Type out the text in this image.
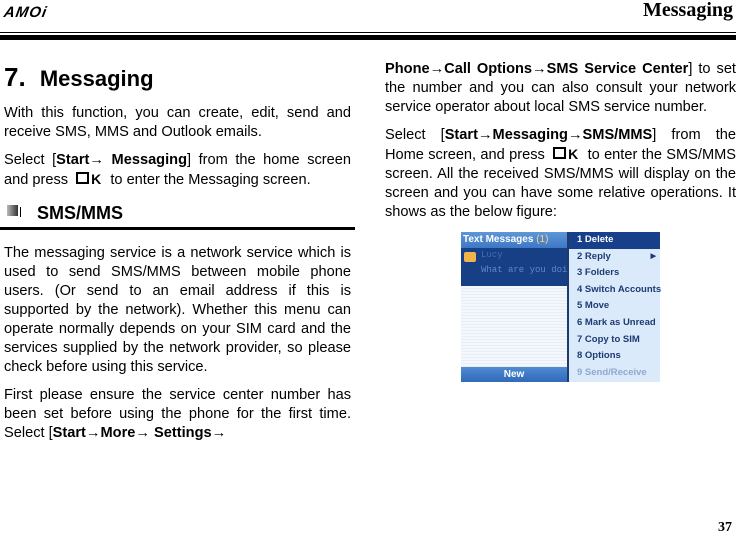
AMOi	Messaging
7. Messaging

With this function, you can create, edit, send and receive SMS, MMS and Outlook emails.

Select [Start→ Messaging] from the home screen and press K to enter the Messaging screen.

SMS/MMS

The messaging service is a network service which is used to send SMS/MMS between mobile phone users. (Or send to an email address if this is supported by the network). Whether this menu can operate normally depends on your SIM card and the services supplied by the network provider, so please check before using this service.

First please ensure the service center number has been set before using the phone for the first time. Select [Start→More→ Settings→

Phone→Call Options→SMS Service Center] to set the number and you can also consult your network service operator about local SMS service number.

Select [Start→Messaging→SMS/MMS] from the Home screen, and press K to enter the SMS/MMS screen. All the received SMS/MMS will display on the screen and you can have some relative operations. It shows as the below figure:

Text Messages (1)
Lucy
What are you doi
New
1 Delete
2 Reply	▶
3 Folders
4 Switch Accounts
5 Move
6 Mark as Unread
7 Copy to SIM
8 Options
9 Send/Receive
37
